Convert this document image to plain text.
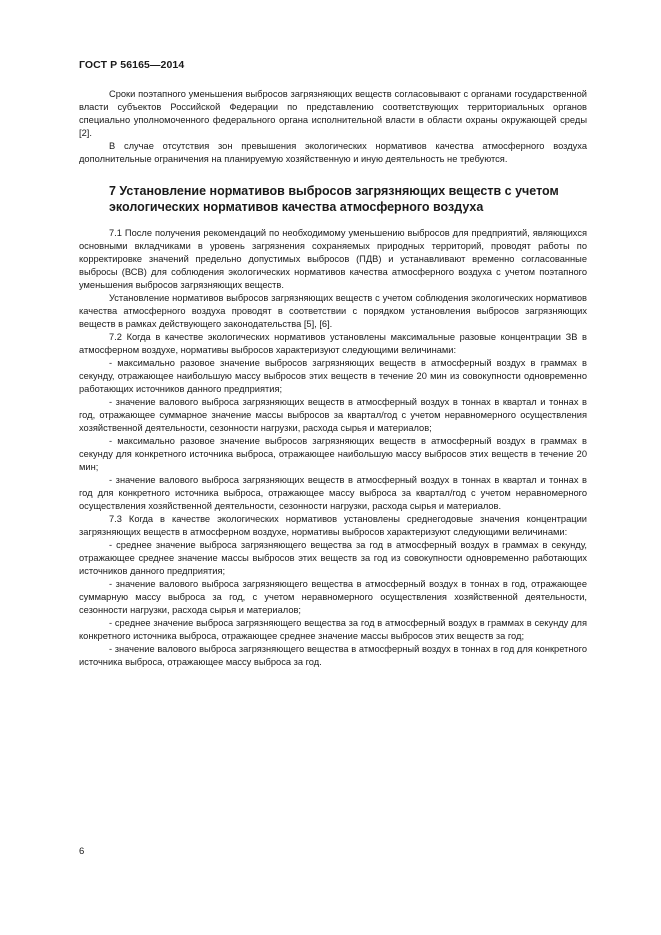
ГОСТ Р 56165—2014

Сроки поэтапного уменьшения выбросов загрязняющих веществ согласовывают с органами государственной власти субъектов Российской Федерации по представлению соответствующих территориальных органов специально уполномоченного федерального органа исполнительной власти в области охраны окружающей среды [2].

В случае отсутствия зон превышения экологических нормативов качества атмосферного воздуха дополнительные ограничения на планируемую хозяйственную и иную деятельность не требуются.

7 Установление нормативов выбросов загрязняющих веществ с учетом экологических нормативов качества атмосферного воздуха

7.1 После получения рекомендаций по необходимому уменьшению выбросов для предприятий, являющихся основными вкладчиками в уровень загрязнения сохраняемых природных территорий, проводят работы по корректировке значений предельно допустимых выбросов (ПДВ) и устанавливают временно согласованные выбросы (ВСВ) для соблюдения экологических нормативов качества атмосферного воздуха с учетом поэтапного уменьшения выбросов загрязняющих веществ.

Установление нормативов выбросов загрязняющих веществ с учетом соблюдения экологических нормативов качества атмосферного воздуха проводят в соответствии с порядком установления выбросов загрязняющих веществ в рамках действующего законодательства [5], [6].

7.2 Когда в качестве экологических нормативов установлены максимальные разовые концентрации ЗВ в атмосферном воздухе, нормативы выбросов характеризуют следующими величинами:

- максимально разовое значение выбросов загрязняющих веществ в атмосферный воздух в граммах в секунду, отражающее наибольшую массу выбросов этих веществ в течение 20 мин из совокупности одновременно работающих источников данного предприятия;

- значение валового выброса загрязняющих веществ в атмосферный воздух в тоннах в квартал и тоннах в год, отражающее суммарное значение массы выбросов за квартал/год с учетом неравномерного осуществления хозяйственной деятельности, сезонности нагрузки, расхода сырья и материалов;

- максимально разовое значение выбросов загрязняющих веществ в атмосферный воздух в граммах в секунду для конкретного источника выброса, отражающее наибольшую массу выбросов этих веществ в течение 20 мин;

- значение валового выброса загрязняющих веществ в атмосферный воздух в тоннах в квартал и тоннах в год для конкретного источника выброса, отражающее массу выброса за квартал/год с учетом неравномерного осуществления хозяйственной деятельности, сезонности нагрузки, расхода сырья и материалов.

7.3 Когда в качестве экологических нормативов установлены среднегодовые значения концентрации загрязняющих веществ в атмосферном воздухе, нормативы выбросов характеризуют следующими величинами:

- среднее значение выброса загрязняющего вещества за год в атмосферный воздух в граммах в секунду, отражающее среднее значение массы выбросов этих веществ за год из совокупности одновременно работающих источников данного предприятия;

- значение валового выброса загрязняющего вещества в атмосферный воздух в тоннах в год, отражающее суммарную массу выброса за год, с учетом неравномерного осуществления хозяйственной деятельности, сезонности нагрузки, расхода сырья и материалов;

- среднее значение выброса загрязняющего вещества за год в атмосферный воздух в граммах в секунду для конкретного источника выброса, отражающее среднее значение массы выбросов этих веществ за год;

- значение валового выброса загрязняющего вещества в атмосферный воздух в тоннах в год для конкретного источника выброса, отражающее массу выброса за год.

6
